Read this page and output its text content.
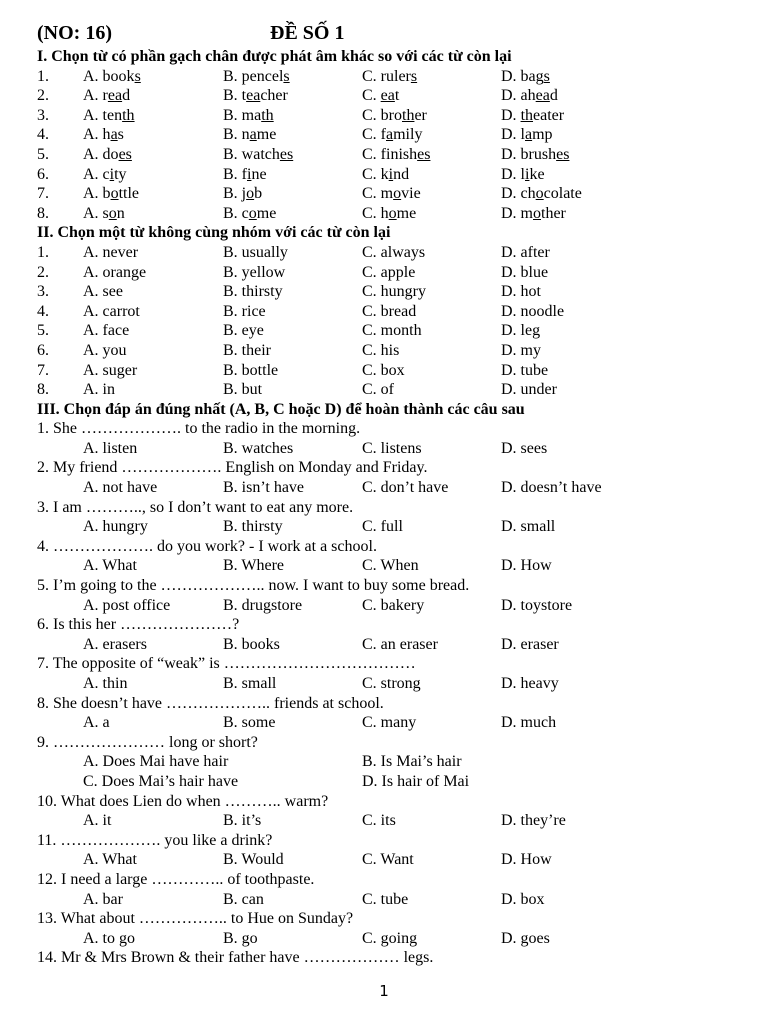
(NO: 16)	ĐỀ SỐ 1
I. Chọn từ có phần gạch chân được phát âm khác so với các từ còn lại
1. A. books	B. pencels	C. rulers	D. bags
2. A. read	B. teacher	C. eat	D. ahead
3. A. tenth	B. math	C. brother	D. theater
4. A. has	B. name	C. family	D. lamp
5. A. does	B. watches	C. finishes	D. brushes
6. A. city	B. fine	C. kind	D. like
7. A. bottle	B. job	C. movie	D. chocolate
8. A. son	B. come	C. home	D. mother
II. Chọn một từ không cùng nhóm với các từ còn lại
1. A. never	B. usually	C. always	D. after
2. A. orange	B. yellow	C. apple	D. blue
3. A. see	B. thirsty	C. hungry	D. hot
4. A. carrot	B. rice	C. bread	D. noodle
5. A. face	B. eye	C. month	D. leg
6. A. you	B. their	C. his	D. my
7. A. suger	B. bottle	C. box	D. tube
8. A. in	B. but	C. of	D. under
III. Chọn đáp án đúng nhất (A, B, C hoặc D) để hoàn thành các câu sau
1. She ………………. to the radio in the morning.
A. listen	B. watches	C. listens	D. sees
2. My friend ………………. English on Monday and Friday.
A. not have	B. isn’t have	C. don’t have	D. doesn’t have
3. I am ……….., so I don’t want to eat any more.
A. hungry	B. thirsty	C. full	D. small
4. ………………. do you work? - I work at a school.
A. What	B. Where	C. When	D. How
5. I’m going to the ……………….. now. I want to buy some bread.
A. post office	B. drugstore	C. bakery	D. toystore
6. Is this her …………………?
A. erasers	B. books	C. an eraser	D. eraser
7. The opposite of “weak” is ………………………………
A. thin	B. small	C. strong	D. heavy
8. She doesn’t have ……………….. friends at school.
A. a	B. some	C. many	D. much
9. ………………… long or short?
A. Does Mai have hair	B. Is Mai’s hair
C. Does Mai’s hair have	D. Is hair of Mai
10. What does Lien do when ……….. warm?
A. it	B. it’s	C. its	D. they’re
11. ………………. you like a drink?
A. What	B. Would	C. Want	D. How
12. I need a large ………….. of toothpaste.
A. bar	B. can	C. tube	D. box
13. What about …………….. to Hue on Sunday?
A. to go	B. go	C. going	D. goes
14. Mr & Mrs Brown & their father have ……………… legs.
1
